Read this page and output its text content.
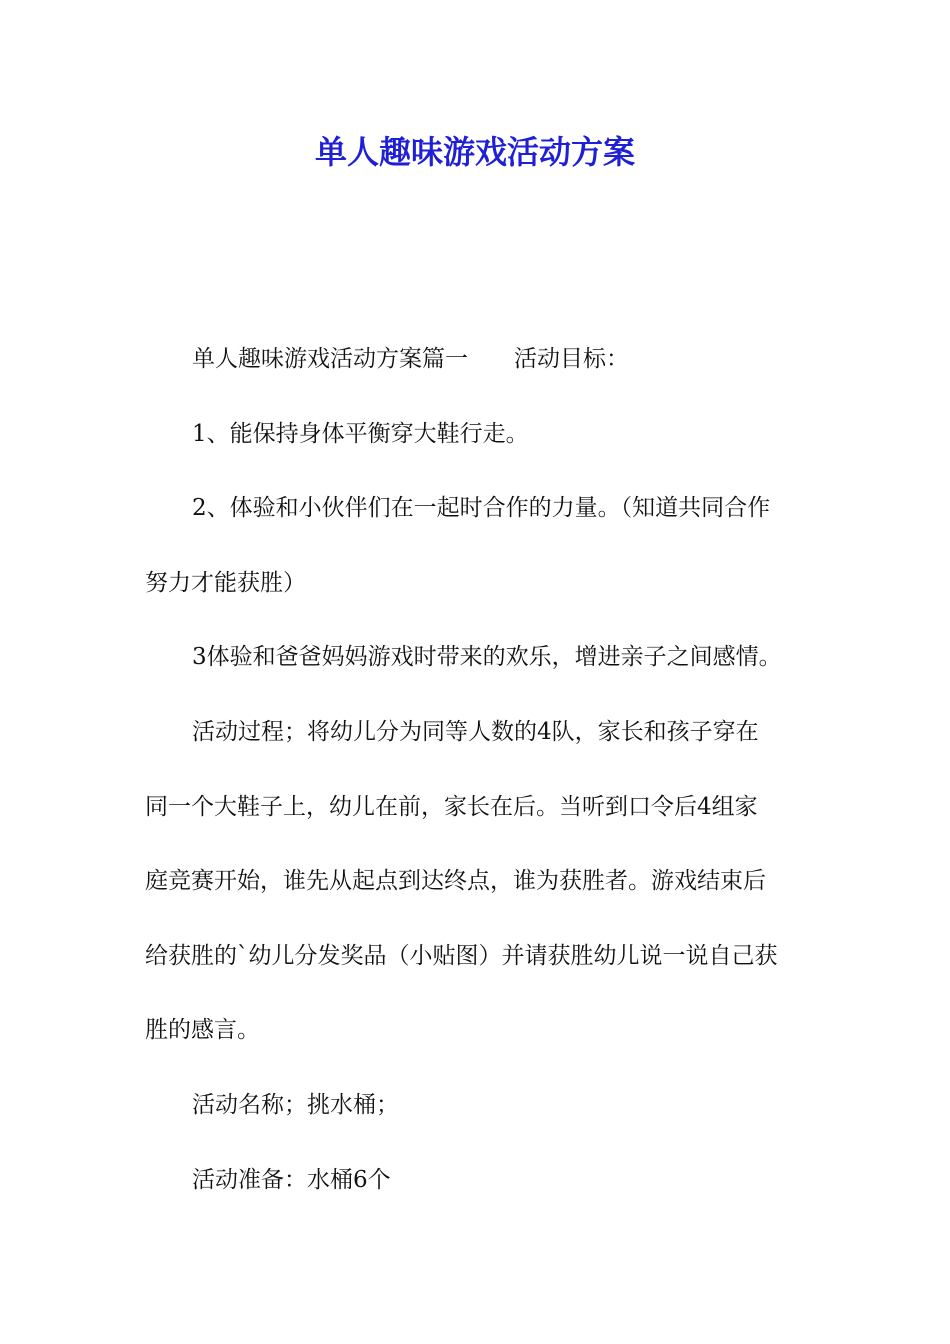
单人趣味游戏活动方案

单人趣味游戏活动方案篇一 活动目标：

1、能保持身体平衡穿大鞋行走。

2、体验和小伙伴们在一起时合作的力量。（知道共同合作

努力才能获胜）

3体验和爸爸妈妈游戏时带来的欢乐，增进亲子之间感情。

活动过程；将幼儿分为同等人数的4队，家长和孩子穿在

同一个大鞋子上，幼儿在前，家长在后。当听到口令后4组家

庭竞赛开始，谁先从起点到达终点，谁为获胜者。游戏结束后

给获胜的`幼儿分发奖品（小贴图）并请获胜幼儿说一说自己获

胜的感言。

活动名称；挑水桶；

活动准备：水桶6个
